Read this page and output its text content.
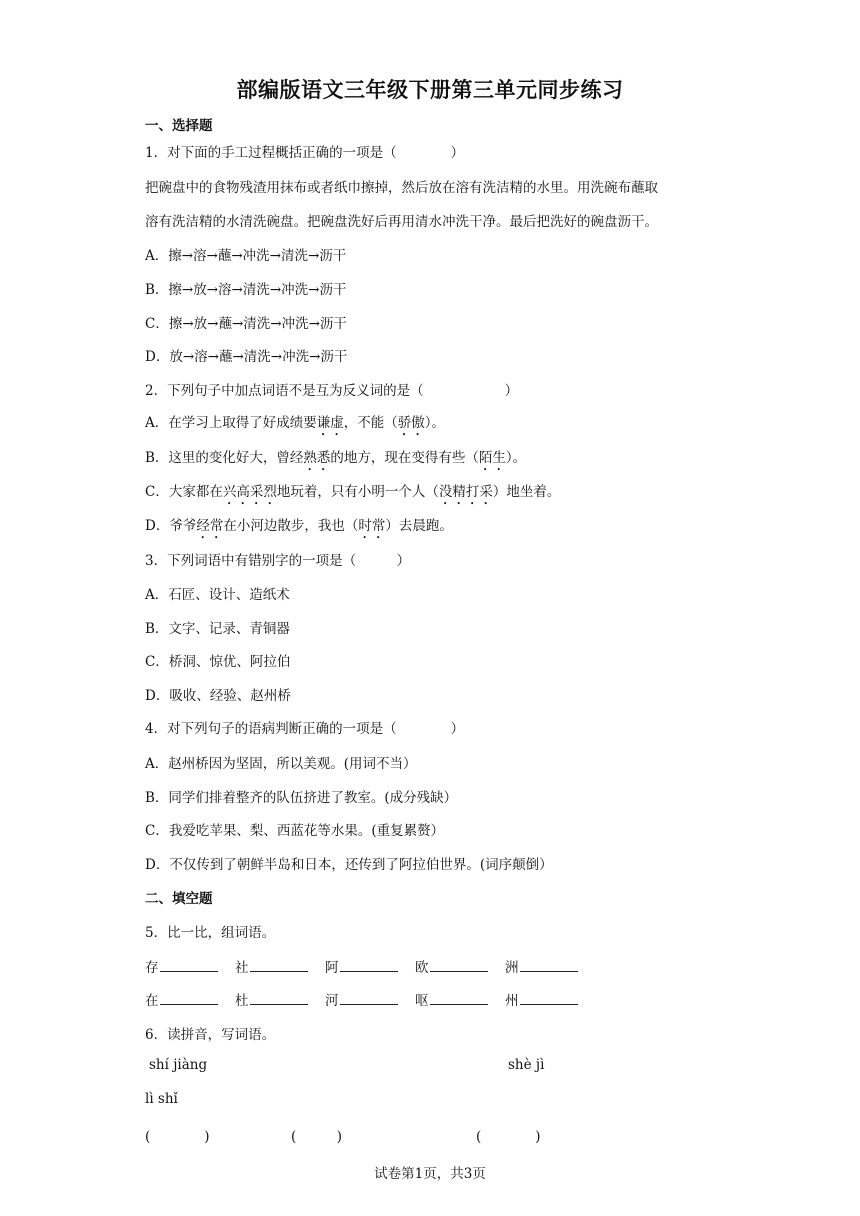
部编版语文三年级下册第三单元同步练习
一、选择题
1．对下面的手工过程概括正确的一项是（　　　　）
把碗盘中的食物残渣用抹布或者纸巾擦掉，然后放在溶有洗洁精的水里。用洗碗布蘸取
溶有洗洁精的水清洗碗盘。把碗盘洗好后再用清水冲洗干净。最后把洗好的碗盘沥干。
A．擦→溶→蘸→冲洗→清洗→沥干
B．擦→放→溶→清洗→冲洗→沥干
C．擦→放→蘸→清洗→冲洗→沥干
D．放→溶→蘸→清洗→冲洗→沥干
2．下列句子中加点词语不是互为反义词的是（　　　　　　）
A．在学习上取得了好成绩要谦虚，不能（骄傲）。
B．这里的变化好大，曾经熟悉的地方，现在变得有些（陌生）。
C．大家都在兴高采烈地玩着，只有小明一个人（没精打采）地坐着。
D．爷爷经常在小河边散步，我也（时常）去晨跑。
3．下列词语中有错别字的一项是（　　　）
A．石匠、设计、造纸术
B．文字、记录、青铜器
C．桥洞、惊优、阿拉伯
D．吸收、经验、赵州桥
4．对下列句子的语病判断正确的一项是（　　　　）
A．赵州桥因为坚固，所以美观。(用词不当）
B．同学们排着整齐的队伍挤进了教室。(成分残缺）
C．我爱吃苹果、梨、西蓝花等水果。(重复累赘）
D．不仅传到了朝鲜半岛和日本，还传到了阿拉伯世界。(词序颠倒）
二、填空题
5．比一比，组词语。
存	社	阿	欧	洲
在	杜	河	呕	州
6．读拼音，写词语。
shí jiàng	shè jì
lì shǐ
(　　　　)	(　　　)	(　　　　)
试卷第1页，共3页
